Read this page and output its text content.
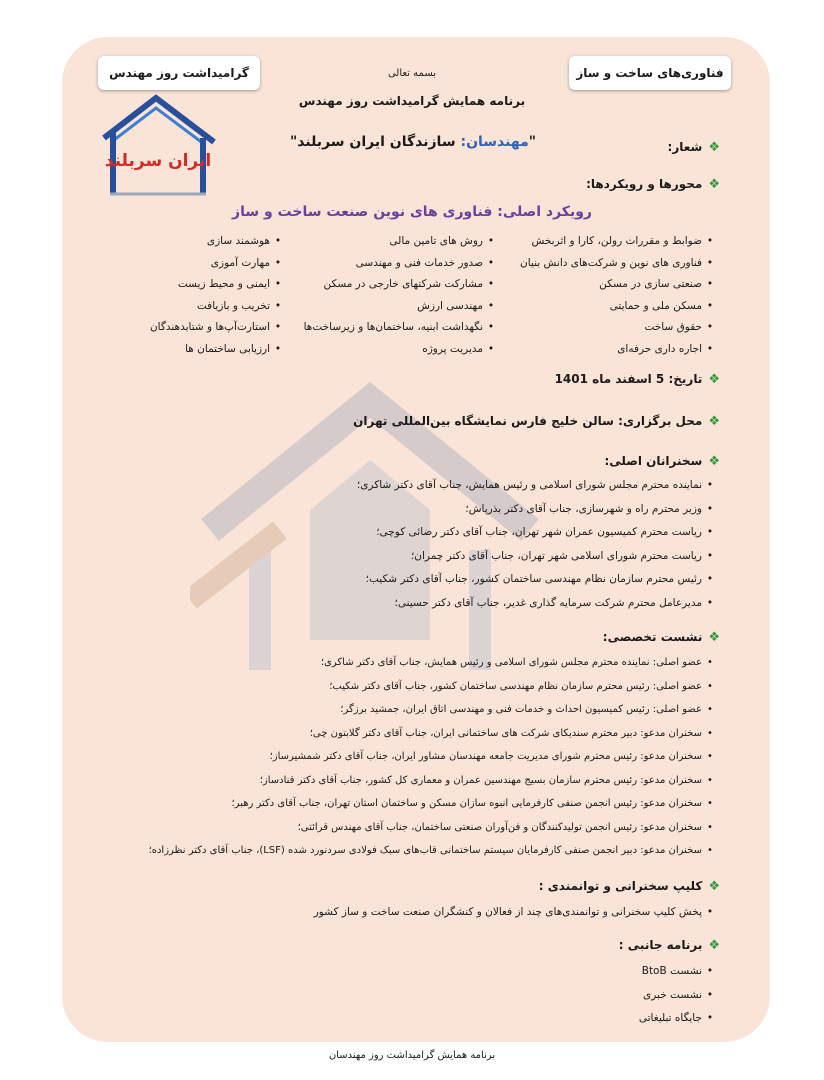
فناوری‌های ساخت و ساز
گرامیداشت روز مهندس
ایران سربلند
بسمه تعالی
برنامه همایش گرامیداشت روز مهندس
❖شعار:
"مهندسان: سازندگان ایران سربلند"
❖محورها و رویکردها:
رویکرد اصلی: فناوری های نوین صنعت ساخت و ساز
• ضوابط و مقررات رولن، کارا و اثربخش
• فناوری های نوین و شرکت‌های دانش بنیان
• صنعتی سازی در مسکن
• مسکن ملی و حمایتی
• حقوق ساخت
• اجاره داری حرفه‌ای
• روش های تامین مالی
• صدور خدمات فنی و مهندسی
• مشارکت شرکتهای خارجی در مسکن
• مهندسی ارزش
• نگهداشت ابنیه، ساختمان‌ها و زیرساخت‌ها
• مدیریت پروژه
• هوشمند سازی
• مهارت آموزی
• ایمنی و محیط زیست
• تخریب و بازیافت
• استارت‌آپ‌ها و شتابدهندگان
• ارزیابی ساختمان ها
❖تاریخ: 5 اسفند ماه 1401
❖محل برگزاری: سالن خلیج فارس نمایشگاه بین‌المللی تهران
❖سخنرانان اصلی:
• نماینده محترم مجلس شورای اسلامی و رئیس همایش، جناب آقای دکتر شاکری؛
• وزیر محترم راه و شهرسازی، جناب آقای دکتر بذرپاش؛
• ریاست محترم کمیسیون عمران شهر تهران، جناب آقای دکتر رضائی کوچی؛
• ریاست محترم شورای اسلامی شهر تهران، جناب آقای دکتر چمران؛
• رئیس محترم سازمان نظام مهندسی ساختمان کشور، جناب آقای دکتر شکیب؛
• مدیرعامل محترم شرکت سرمایه گذاری غدیر، جناب آقای دکتر حسینی؛
❖نشست تخصصی:
• عضو اصلی: نماینده محترم مجلس شورای اسلامی و رئیس همایش، جناب آقای دکتر شاکری؛
• عضو اصلی: رئیس محترم سازمان نظام مهندسی ساختمان کشور، جناب آقای دکتر شکیب؛
• عضو اصلی: رئیس کمیسیون احداث و خدمات فنی و مهندسی اتاق ایران، جمشید برزگر؛
• سخنران مدعو: دبیر محترم سندیکای شرکت های ساختمانی ایران، جناب آقای دکتر گلابتون چی؛
• سخنران مدعو: رئیس محترم شورای مدیریت جامعه مهندسان مشاور ایران، جناب آقای دکتر شمشیرساز؛
• سخنران مدعو: رئیس محترم سازمان بسیج مهندسین عمران و معماری کل کشور، جناب آقای دکتر قنادساز؛
• سخنران مدعو: رئیس انجمن صنفی کارفرمایی انبوه سازان مسکن و ساختمان استان تهران، جناب آقای دکتر رهبر؛
• سخنران مدعو: رئیس انجمن تولیدکنندگان و فن‌آوران صنعتی ساختمان، جناب آقای مهندس قرائتی؛
• سخنران مدعو: دبیر انجمن صنفی کارفرمایان سیستم ساختمانی قاب‌های سبک فولادی سردنورد شده (LSF)، جناب آقای دکتر نظرزاده؛
❖کلیپ سخنرانی و توانمندی :
• پخش کلیپ سخنرانی و توانمندی‌های چند از فعالان و کنشگران صنعت ساخت و ساز کشور
❖برنامه جانبی :
• نشست BtoB
• نشست خبری
• جایگاه تبلیغاتی
برنامه همایش گرامیداشت روز مهندسان
